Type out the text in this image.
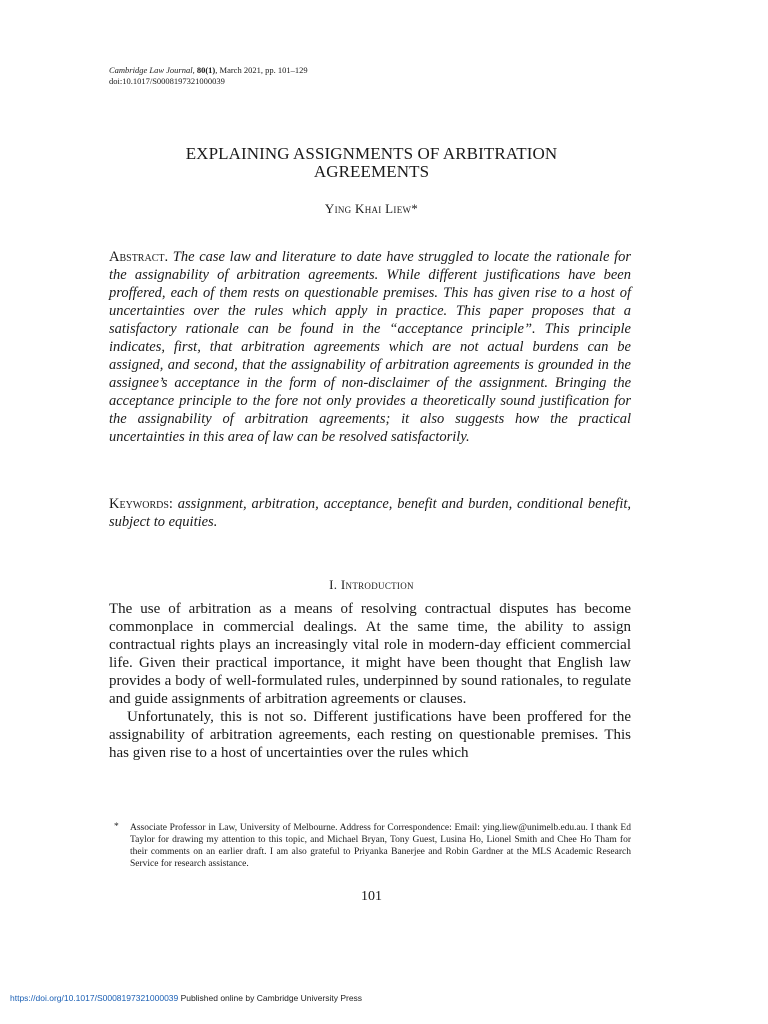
Cambridge Law Journal, 80(1), March 2021, pp. 101–129
doi:10.1017/S0008197321000039
EXPLAINING ASSIGNMENTS OF ARBITRATION
AGREEMENTS
Ying Khai Liew*
Abstract. The case law and literature to date have struggled to locate the rationale for the assignability of arbitration agreements. While different justifications have been proffered, each of them rests on questionable premises. This has given rise to a host of uncertainties over the rules which apply in practice. This paper proposes that a satisfactory rationale can be found in the “acceptance principle”. This principle indicates, first, that arbitration agreements which are not actual burdens can be assigned, and second, that the assignability of arbitration agreements is grounded in the assignee’s acceptance in the form of non-disclaimer of the assignment. Bringing the acceptance principle to the fore not only provides a theoretically sound justification for the assignability of arbitration agreements; it also suggests how the practical uncertainties in this area of law can be resolved satisfactorily.
Keywords: assignment, arbitration, acceptance, benefit and burden, conditional benefit, subject to equities.
I. Introduction

The use of arbitration as a means of resolving contractual disputes has become commonplace in commercial dealings. At the same time, the ability to assign contractual rights plays an increasingly vital role in modern-day efficient commercial life. Given their practical importance, it might have been thought that English law provides a body of well-formulated rules, underpinned by sound rationales, to regulate and guide assignments of arbitration agreements or clauses.

Unfortunately, this is not so. Different justifications have been proffered for the assignability of arbitration agreements, each resting on questionable premises. This has given rise to a host of uncertainties over the rules which

*	Associate Professor in Law, University of Melbourne. Address for Correspondence: Email: ying.liew@unimelb.edu.au. I thank Ed Taylor for drawing my attention to this topic, and Michael Bryan, Tony Guest, Lusina Ho, Lionel Smith and Chee Ho Tham for their comments on an earlier draft. I am also grateful to Priyanka Banerjee and Robin Gardner at the MLS Academic Research Service for research assistance.
101
https://doi.org/10.1017/S0008197321000039 Published online by Cambridge University Press
